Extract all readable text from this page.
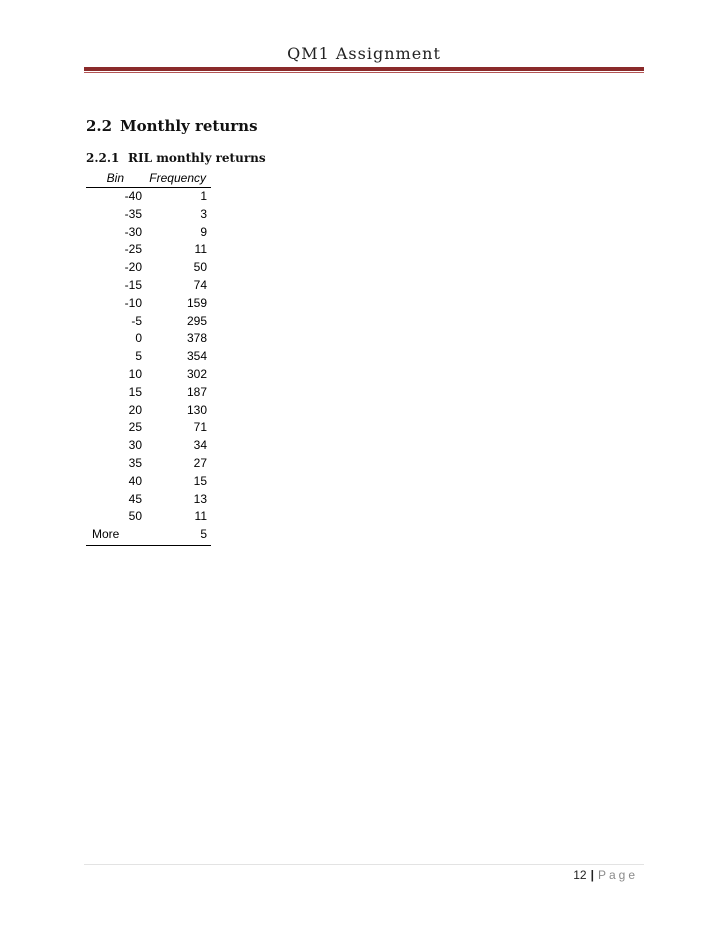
QM1 Assignment
2.2 Monthly returns
2.2.1 RIL monthly returns
Bin	Frequency
-40	1
-35	3
-30	9
-25	11
-20	50
-15	74
-10	159
-5	295
0	378
5	354
10	302
15	187
20	130
25	71
30	34
35	27
40	15
45	13
50	11
More	5
12 | Page
